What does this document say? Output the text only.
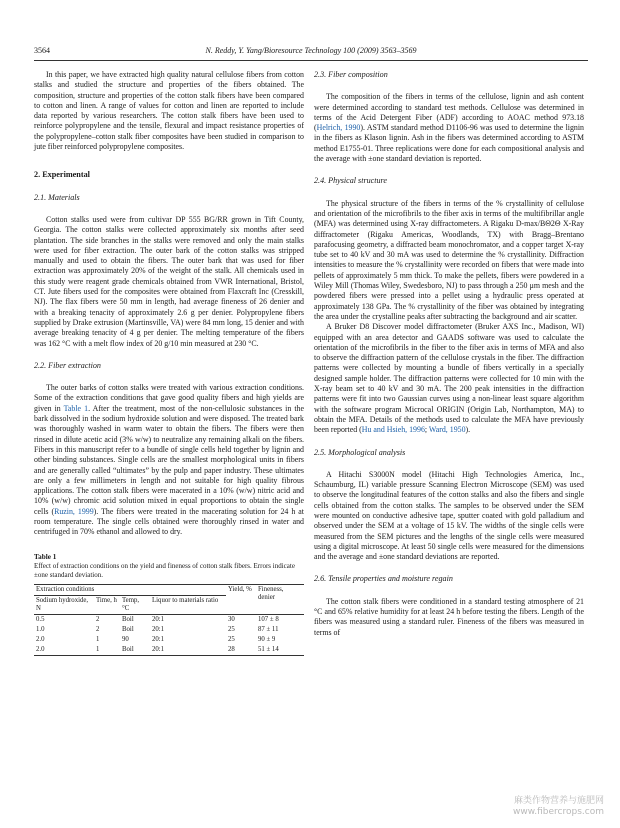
3564	N. Reddy, Y. Yang/Bioresource Technology 100 (2009) 3563–3569

In this paper, we have extracted high quality natural cellulose fibers from cotton stalks and studied the structure and properties of the fibers obtained. The composition, structure and properties of the cotton stalk fibers have been compared to cotton and linen. A range of values for cotton and linen are reported to include data reported by various researchers. The cotton stalk fibers have been used to reinforce polypropylene and the tensile, flexural and impact resistance properties of the polypropylene–cotton stalk fiber composites have been studied in comparison to jute fiber reinforced polypropylene composites.

2. Experimental
2.1. Materials

Cotton stalks used were from cultivar DP 555 BG/RR grown in Tift County, Georgia. The cotton stalks were collected approximately six months after seed plantation. The side branches in the stalks were removed and only the main stalks were used for fiber extraction. The outer bark of the cotton stalks was stripped manually and used to obtain the fibers. The outer bark that was used for fiber extraction was approximately 20% of the weight of the stalk. All chemicals used in this study were reagent grade chemicals obtained from VWR International, Bristol, CT. Jute fibers used for the composites were obtained from Flaxcraft Inc (Cresskill, NJ). The flax fibers were 50 mm in length, had average fineness of 26 denier and with a breaking tenacity of approximately 2.6 g per denier. Polypropylene fibers supplied by Drake extrusion (Martinsville, VA) were 84 mm long, 15 denier and with average breaking tenacity of 4 g per denier. The melting temperature of the fibers was 162 °C with a melt flow index of 20 g/10 min measured at 230 °C.

2.2. Fiber extraction

The outer barks of cotton stalks were treated with various extraction conditions. Some of the extraction conditions that gave good quality fibers and high yields are given in Table 1. After the treatment, most of the non-cellulosic substances in the bark dissolved in the sodium hydroxide solution and were disposed. The treated bark was thoroughly washed in warm water to obtain the fibers. The fibers were then rinsed in dilute acetic acid (3% w/w) to neutralize any remaining alkali on the fibers. Fibers in this manuscript refer to a bundle of single cells held together by lignin and other binding substances. Single cells are the smallest morphological units in fibers and are generally called “ultimates” by the pulp and paper industry. These ultimates are only a few millimeters in length and not suitable for high quality fibrous applications. The cotton stalk fibers were macerated in a 10% (w/w) nitric acid and 10% (w/w) chromic acid solution mixed in equal proportions to obtain the single cells (Ruzin, 1999). The fibers were treated in the macerating solution for 24 h at room temperature. The single cells obtained were thoroughly rinsed in water and centrifuged in 70% ethanol and allowed to dry.

Table 1
Effect of extraction conditions on the yield and fineness of cotton stalk fibers. Errors indicate ±one standard deviation.
Extraction conditions				Yield, %	Fineness, denier
Sodium hydroxide, N	Time, h	Temp, °C	Liquor to materials ratio		
0.5	2	Boil	20:1	30	107 ± 8
1.0	2	Boil	20:1	25	87 ± 11
2.0	1	90	20:1	25	90 ± 9
2.0	1	Boil	20:1	28	51 ± 14
2.3. Fiber composition

The composition of the fibers in terms of the cellulose, lignin and ash content were determined according to standard test methods. Cellulose was determined in terms of the Acid Detergent Fiber (ADF) according to AOAC method 973.18 (Helrich, 1990). ASTM standard method D1106-96 was used to determine the lignin in the fibers as Klason lignin. Ash in the fibers was determined according to ASTM method E1755-01. Three replications were done for each compositional analysis and the average with ±one standard deviation is reported.

2.4. Physical structure

The physical structure of the fibers in terms of the % crystallinity of cellulose and orientation of the microfibrils to the fiber axis in terms of the multifibrillar angle (MFA) was determined using X-ray diffractometers. A Rigaku D-max/BΘ2Θ X-Ray diffractometer (Rigaku Americas, Woodlands, TX) with Bragg–Brentano parafocusing geometry, a diffracted beam monochromator, and a copper target X-ray tube set to 40 kV and 30 mA was used to determine the % crystallinity. Diffraction intensities to measure the % crystallinity were recorded on fibers that were made into pellets of approximately 5 mm thick. To make the pellets, fibers were powdered in a Wiley Mill (Thomas Wiley, Swedesboro, NJ) to pass through a 250 μm mesh and the powdered fibers were pressed into a pellet using a hydraulic press operated at approximately 138 GPa. The % crystallinity of the fiber was obtained by integrating the area under the crystalline peaks after subtracting the background and air scatter.

A Bruker D8 Discover model diffractometer (Bruker AXS Inc., Madison, WI) equipped with an area detector and GAADS software was used to calculate the orientation of the microfibrils in the fiber to the fiber axis in terms of MFA and also to observe the diffraction pattern of the cellulose crystals in the fiber. The diffraction patterns were collected by mounting a bundle of fibers vertically in a specially designed sample holder. The diffraction patterns were collected for 10 min with the X-ray beam set to 40 kV and 30 mA. The 200 peak intensities in the diffraction patterns were fit into two Gaussian curves using a non-linear least square algorithm with the software program Microcal ORIGIN (Origin Lab, Northampton, MA) to obtain the MFA. Details of the methods used to calculate the MFA have previously been reported (Hu and Hsieh, 1996; Ward, 1950).

2.5. Morphological analysis

A Hitachi S3000N model (Hitachi High Technologies America, Inc., Schaumburg, IL) variable pressure Scanning Electron Microscope (SEM) was used to observe the longitudinal features of the cotton stalks and also the fibers and single cells obtained from the cotton stalks. The samples to be observed under the SEM were mounted on conductive adhesive tape, sputter coated with gold palladium and observed under the SEM at a voltage of 15 kV. The widths of the single cells were measured from the SEM pictures and the lengths of the single cells were measured using a digital microscope. At least 50 single cells were measured for the dimensions and the average and ±one standard deviations are reported.

2.6. Tensile properties and moisture regain

The cotton stalk fibers were conditioned in a standard testing atmosphere of 21 °C and 65% relative humidity for at least 24 h before testing the fibers. Length of the fibers was measured using a standard ruler. Fineness of the fibers was measured in terms of

麻类作物营养与施肥网
www.fibercrops.com
